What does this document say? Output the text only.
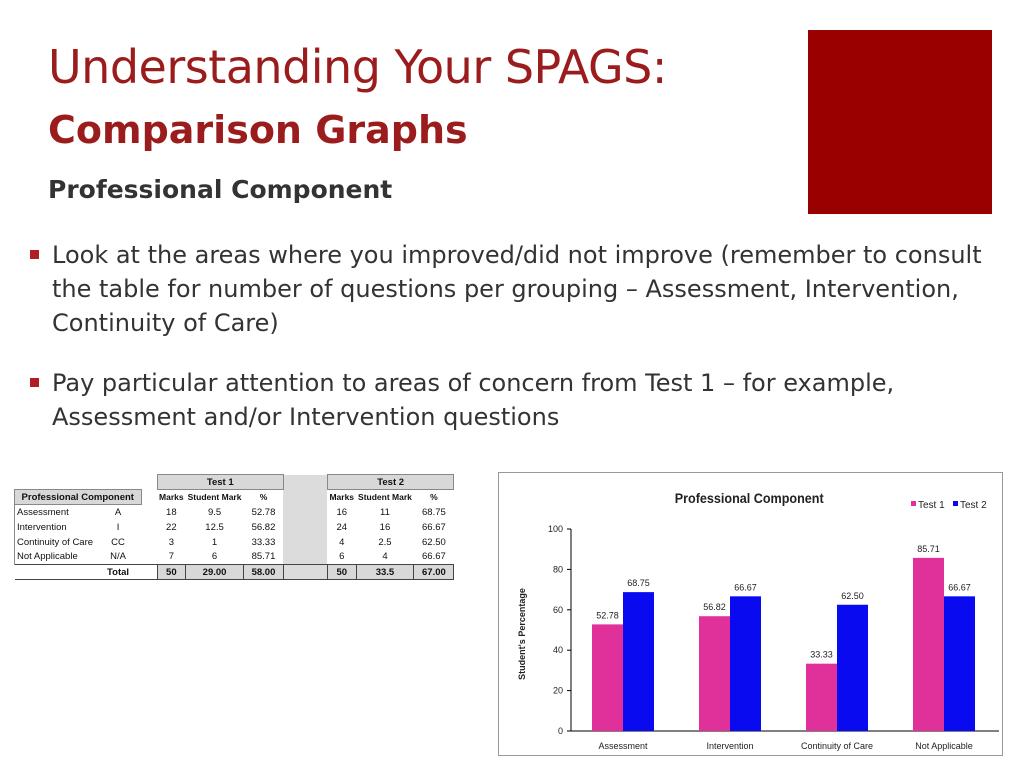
Understanding Your SPAGS:
Comparison Graphs
Professional Component
Look at the areas where you improved/did not improve (remember to consult the table for number of questions per grouping – Assessment, Intervention, Continuity of Care)
Pay particular attention to areas of concern from Test 1 – for example, Assessment and/or Intervention questions
			Test 1				Test 2		
Professional Component			Marks	Student Mark	%		Marks	Student Mark	%
Assessment	A		18	9.5	52.78		16	11	68.75
Intervention	I		22	12.5	56.82		24	16	66.67
Continuity of Care	CC		3	1	33.33		4	2.5	62.50
Not Applicable	N/A		7	6	85.71		6	4	66.67
	Total		50	29.00	58.00		50	33.5	67.00
Professional Component	Test 1 Test 2
0
20
40
60
80
100
Student's Percentage	52.78
68.75
Assessment
56.82
66.67
Intervention
33.33
62.50
Continuity of Care
85.71
66.67
Not Applicable
